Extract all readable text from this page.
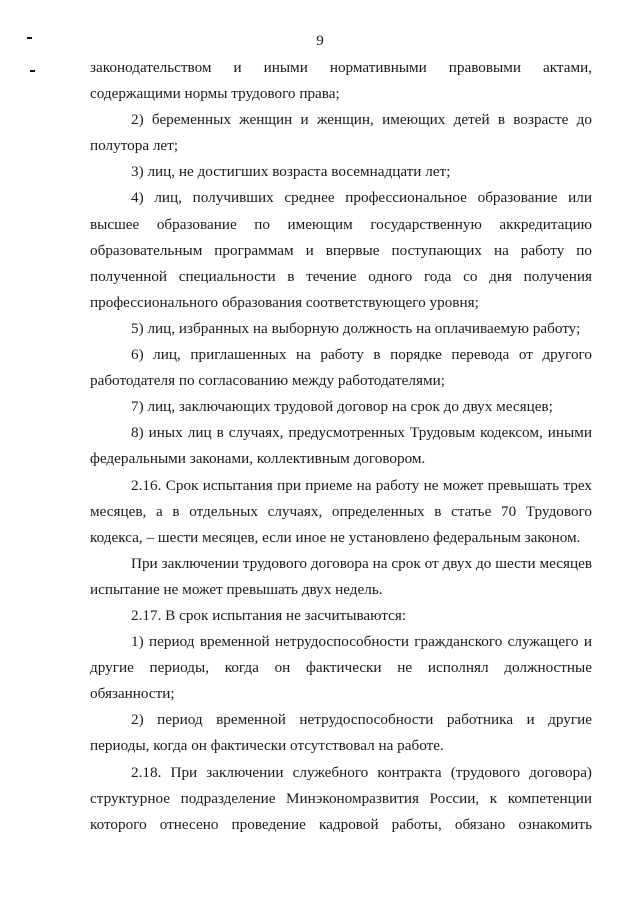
9

законодательством и иными нормативными правовыми актами, содержащими нормы трудового права;

2) беременных женщин и женщин, имеющих детей в возрасте до полутора лет;

3) лиц, не достигших возраста восемнадцати лет;

4) лиц, получивших среднее профессиональное образование или высшее образование по имеющим государственную аккредитацию образовательным программам и впервые поступающих на работу по полученной специальности в течение одного года со дня получения профессионального образования соответствующего уровня;

5) лиц, избранных на выборную должность на оплачиваемую работу;

6) лиц, приглашенных на работу в порядке перевода от другого работодателя по согласованию между работодателями;

7) лиц, заключающих трудовой договор на срок до двух месяцев;

8) иных лиц в случаях, предусмотренных Трудовым кодексом, иными федеральными законами, коллективным договором.

2.16. Срок испытания при приеме на работу не может превышать трех месяцев, а в отдельных случаях, определенных в статье 70 Трудового кодекса, – шести месяцев, если иное не установлено федеральным законом.

При заключении трудового договора на срок от двух до шести месяцев испытание не может превышать двух недель.

2.17. В срок испытания не засчитываются:

1) период временной нетрудоспособности гражданского служащего и другие периоды, когда он фактически не исполнял должностные обязанности;

2) период временной нетрудоспособности работника и другие периоды, когда он фактически отсутствовал на работе.

2.18. При заключении служебного контракта (трудового договора) структурное подразделение Минэкономразвития России, к компетенции которого отнесено проведение кадровой работы, обязано ознакомить
